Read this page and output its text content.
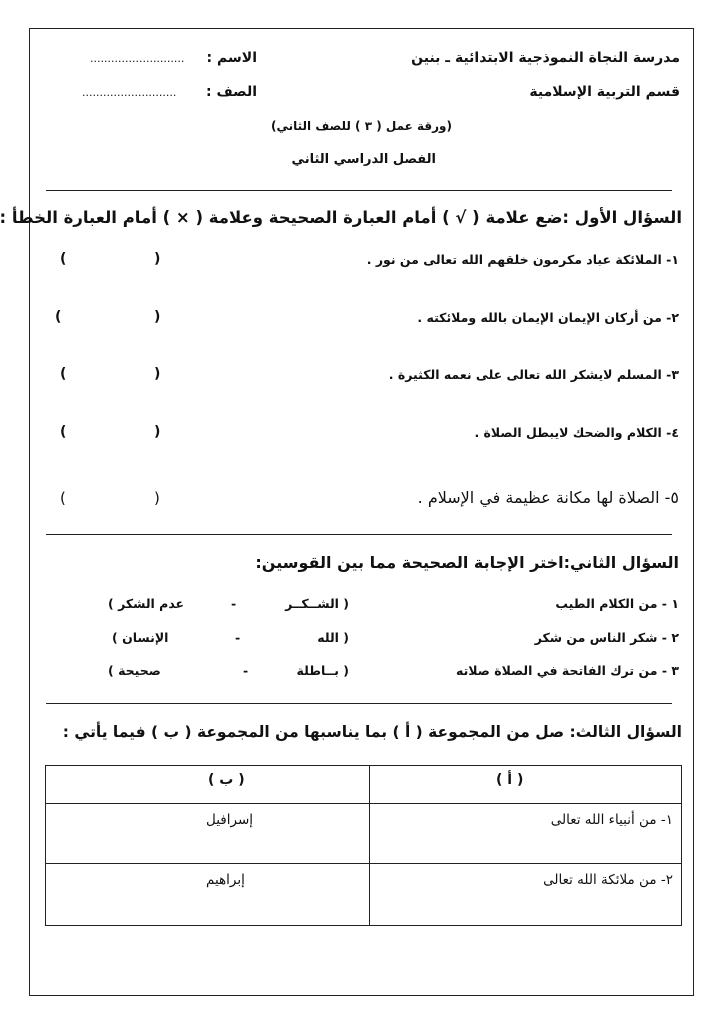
مدرسة النجاة النموذجية الابتدائية ـ بنين
قسم التربية الإسلامية
الاسم :
...........................
الصف :
...........................
(ورقة عمل ( ٣ ) للصف الثاني)
الفصل الدراسي الثاني
السؤال الأول :ضع علامة ( √ ) أمام العبارة الصحيحة وعلامة ( × ) أمام العبارة الخطأ :
١- الملائكة عباد مكرمون خلقهم الله تعالى من نور .
(
)
٢- من أركان الإيمان الإيمان بالله وملائكته .
(
)
٣- المسلم لايشكر الله تعالى على نعمه الكثيرة .
(
)
٤- الكلام والضحك لايبطل الصلاة .
(
)
٥- الصلاة لها مكانة عظيمة في الإسلام .
(
)
السؤال الثاني:اختر الإجابة الصحيحة مما بين القوسين:
١ - من الكلام الطيب
( الشــكــر
-
عدم الشكر )
٢ - شكر الناس من شكر
( الله
-
الإنسان )
٣ - من ترك الفاتحة في الصلاة صلاته
( بــاطلة
-
صحيحة )
السؤال الثالث: صل من المجموعة ( أ ) بما يناسبها من المجموعة ( ب ) فيما يأتي :
( أ )	( ب )

١- من أنبياء الله تعالى	إسرافيل

٢- من ملائكة الله تعالى	إبراهيم
